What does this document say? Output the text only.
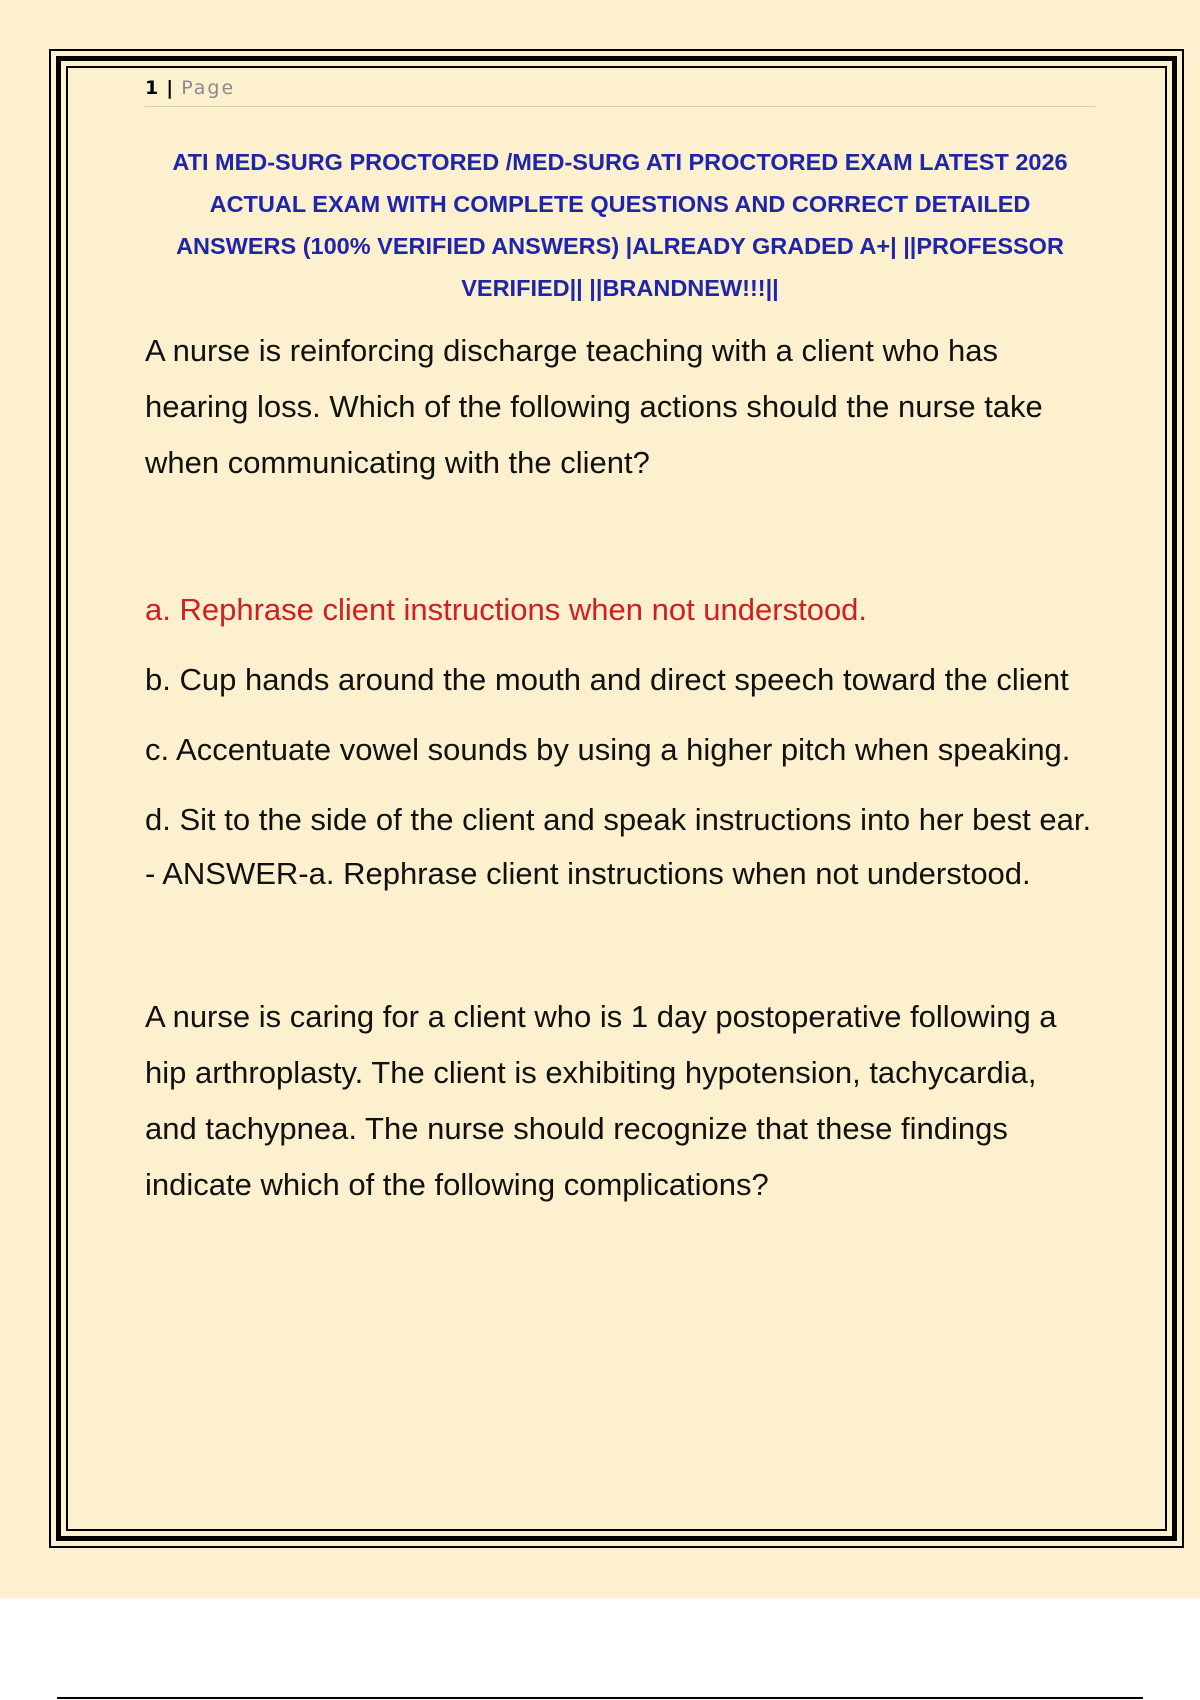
1 | Page
ATI MED-SURG PROCTORED /MED-SURG ATI PROCTORED EXAM LATEST 2026
ACTUAL EXAM WITH COMPLETE QUESTIONS AND CORRECT DETAILED
ANSWERS (100% VERIFIED ANSWERS) |ALREADY GRADED A+| ||PROFESSOR
VERIFIED|| ||BRANDNEW!!!||
A nurse is reinforcing discharge teaching with a client who has hearing loss. Which of the following actions should the nurse take when communicating with the client?
a. Rephrase client instructions when not understood.
b. Cup hands around the mouth and direct speech toward the client
c. Accentuate vowel sounds by using a higher pitch when speaking.
d. Sit to the side of the client and speak instructions into her best ear. - ANSWER-a. Rephrase client instructions when not understood.
A nurse is caring for a client who is 1 day postoperative following a hip arthroplasty. The client is exhibiting hypotension, tachycardia, and tachypnea. The nurse should recognize that these findings indicate which of the following complications?
